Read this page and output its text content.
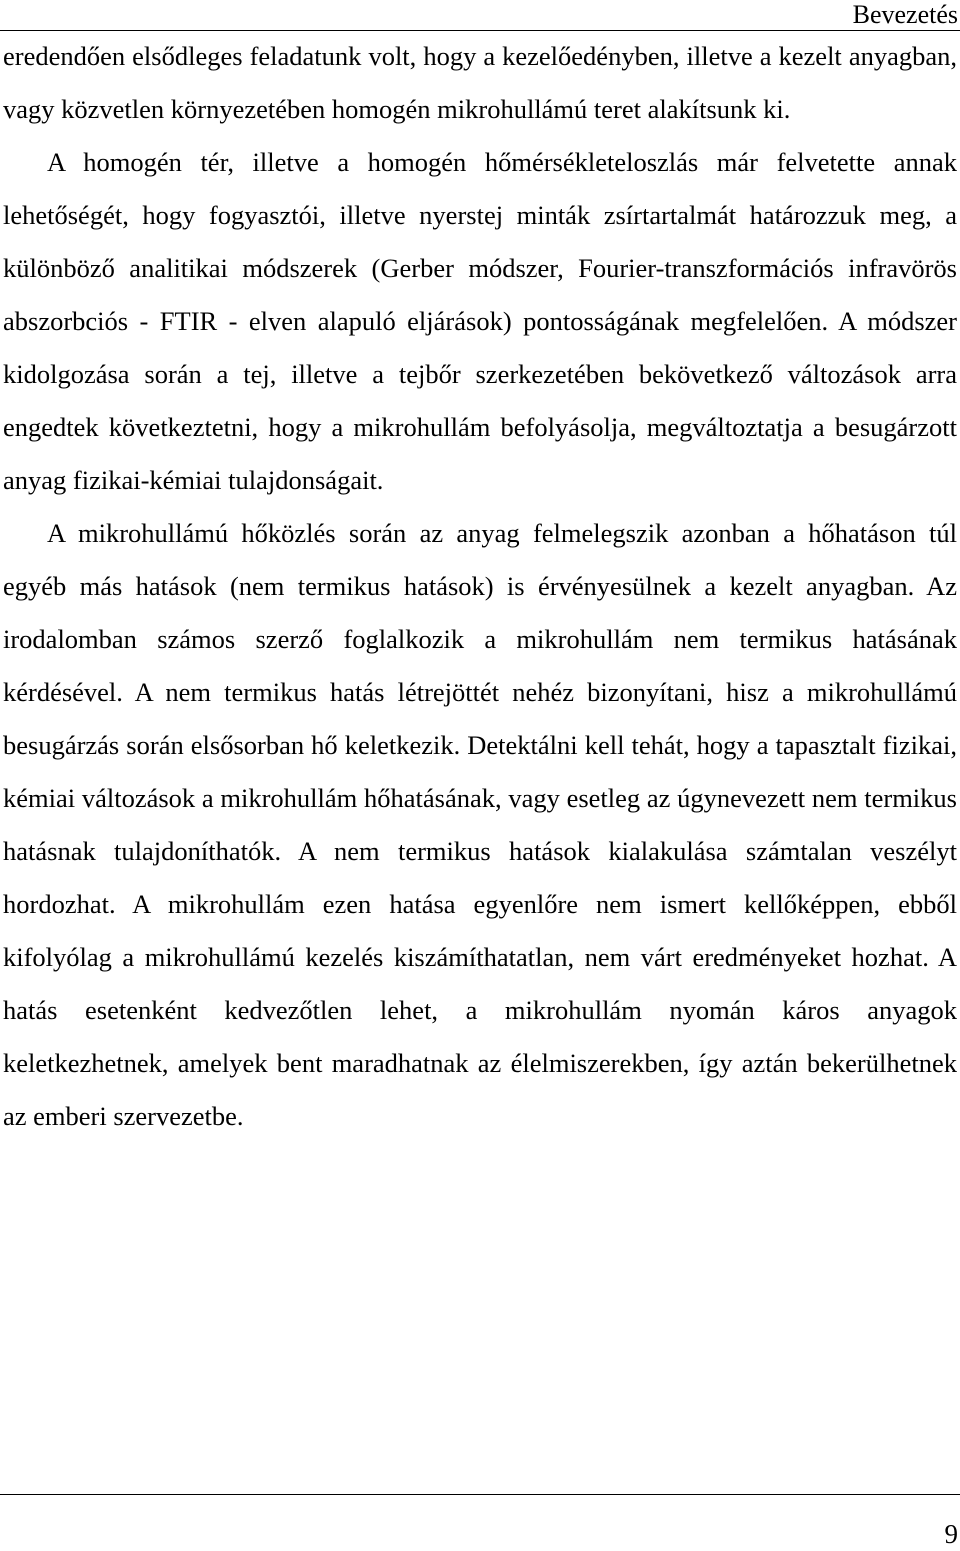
Bevezetés

eredendően elsődleges feladatunk volt, hogy a kezelőedényben, illetve a kezelt anyagban, vagy közvetlen környezetében homogén mikrohullámú teret alakítsunk ki.

A homogén tér, illetve a homogén hőmérsékleteloszlás már felvetette annak lehetőségét, hogy fogyasztói, illetve nyerstej minták zsírtartalmát határozzuk meg, a különböző analitikai módszerek (Gerber módszer, Fourier-transzformációs infravörös abszorbciós - FTIR - elven alapuló eljárások) pontosságának megfelelően. A módszer kidolgozása során a tej, illetve a tejbőr szerkezetében bekövetkező változások arra engedtek következtetni, hogy a mikrohullám befolyásolja, megváltoztatja a besugárzott anyag fizikai-kémiai tulajdonságait.

A mikrohullámú hőközlés során az anyag felmelegszik azonban a hőhatáson túl egyéb más hatások (nem termikus hatások) is érvényesülnek a kezelt anyagban. Az irodalomban számos szerző foglalkozik a mikrohullám nem termikus hatásának kérdésével. A nem termikus hatás létrejöttét nehéz bizonyítani, hisz a mikrohullámú besugárzás során elsősorban hő keletkezik. Detektálni kell tehát, hogy a tapasztalt fizikai, kémiai változások a mikrohullám hőhatásának, vagy esetleg az úgynevezett nem termikus hatásnak tulajdoníthatók. A nem termikus hatások kialakulása számtalan veszélyt hordozhat. A mikrohullám ezen hatása egyenlőre nem ismert kellőképpen, ebből kifolyólag a mikrohullámú kezelés kiszámíthatatlan, nem várt eredményeket hozhat. A hatás esetenként kedvezőtlen lehet, a mikrohullám nyomán káros anyagok keletkezhetnek, amelyek bent maradhatnak az élelmiszerekben, így aztán bekerülhetnek az emberi szervezetbe.

9
